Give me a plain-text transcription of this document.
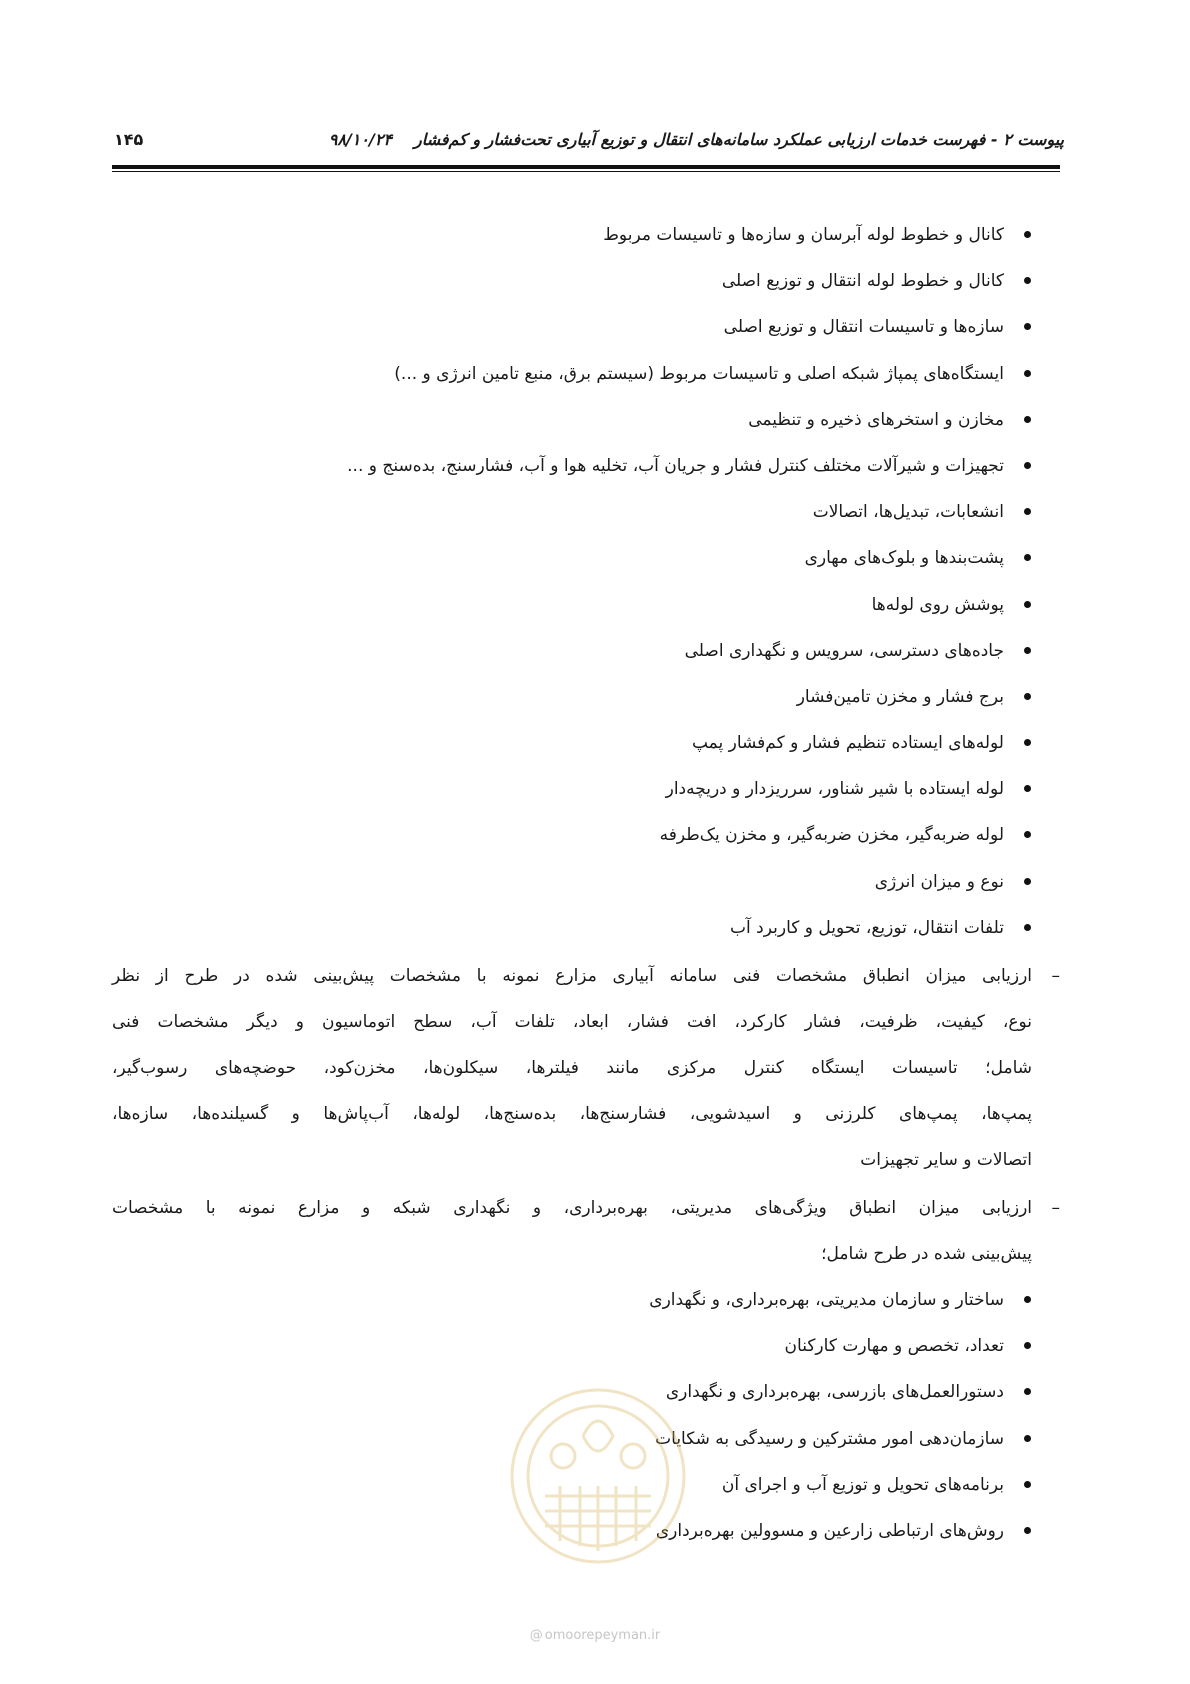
پیوست ۲ - فهرست خدمات ارزیابی عملکرد سامانه‌های انتقال و توزیع آبیاری تحت‌فشار و کم‌فشار۹۸/۱۰/۲۴
۱۴۵
کانال و خطوط لوله آبرسان و سازه‌ها و تاسیسات مربوط
کانال و خطوط لوله انتقال و توزیع اصلی
سازه‌ها و تاسیسات انتقال و توزیع اصلی
ایستگاه‌های پمپاژ شبکه اصلی و تاسیسات مربوط (سیستم برق، منبع تامین انرژی و ...)
مخازن و استخرهای ذخیره و تنظیمی
تجهیزات و شیرآلات مختلف کنترل فشار و جریان آب، تخلیه هوا و آب، فشارسنج، بده‌سنج و ...
انشعابات، تبدیل‌ها، اتصالات
پشت‌بندها و بلوک‌های مهاری
پوشش روی لوله‌ها
جاده‌های دسترسی، سرویس و نگهداری اصلی
برج فشار و مخزن تامین‌فشار
لوله‌های ایستاده تنظیم فشار و کم‌فشار پمپ
لوله ایستاده با شیر شناور، سرریزدار و دریچه‌دار
لوله ضربه‌گیر، مخزن ضربه‌گیر، و مخزن یک‌طرفه
نوع و میزان انرژی
تلفات انتقال، توزیع، تحویل و کاربرد آب
–

ارزیابی میزان انطباق مشخصات فنی سامانه آبیاری مزارع نمونه با مشخصات پیش‌بینی شده در طرح از نظر

نوع، کیفیت، ظرفیت، فشار کارکرد، افت فشار، ابعاد، تلفات آب، سطح اتوماسیون و دیگر مشخصات فنی

شامل؛ تاسیسات ایستگاه کنترل مرکزی مانند فیلترها، سیکلون‌ها، مخزن‌کود، حوضچه‌های رسوب‌گیر،

پمپ‌ها، پمپ‌های کلرزنی و اسیدشویی، فشارسنج‌ها، بده‌سنج‌ها، لوله‌ها، آب‌پاش‌ها و گسیلنده‌ها، سازه‌ها،

اتصالات و سایر تجهیزات

–

ارزیابی میزان انطباق ویژگی‌های مدیریتی، بهره‌برداری، و نگهداری شبکه و مزارع نمونه با مشخصات

پیش‌بینی شده در طرح شامل؛

ساختار و سازمان مدیریتی، بهره‌برداری، و نگهداری
تعداد، تخصص و مهارت کارکنان
دستورالعمل‌های بازرسی، بهره‌برداری و نگهداری
سازمان‌دهی امور مشترکین و رسیدگی به شکایات
برنامه‌های تحویل و توزیع آب و اجرای آن
روش‌های ارتباطی زارعین و مسوولین بهره‌برداری
@ omoorepeyman.ir
